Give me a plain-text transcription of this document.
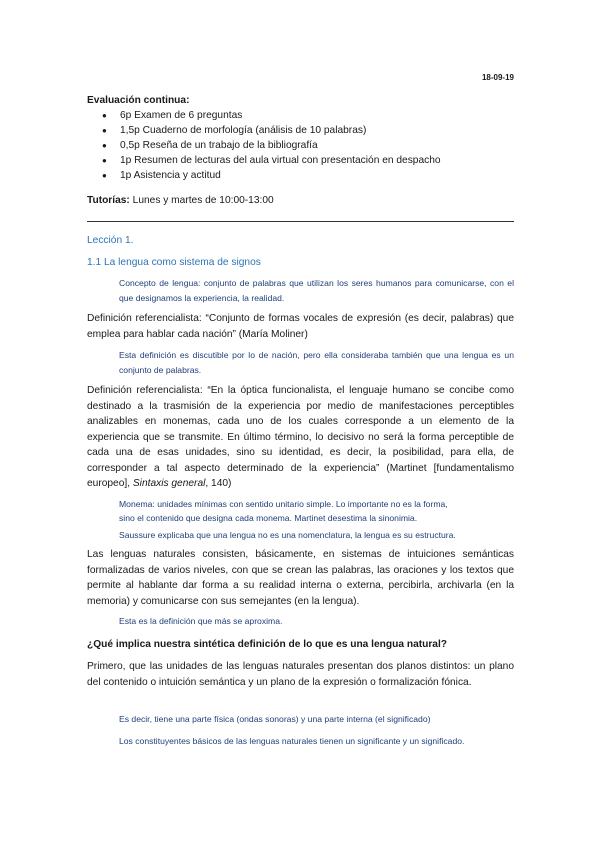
18-09-19

Evaluación continua:

● 6p Examen de 6 preguntas
● 1,5p Cuaderno de morfología (análisis de 10 palabras)
● 0,5p Reseña de un trabajo de la bibliografía
● 1p Resumen de lecturas del aula virtual con presentación en despacho
● 1p Asistencia y actitud

Tutorías: Lunes y martes de 10:00-13:00

Lección 1.

1.1 La lengua como sistema de signos

Concepto de lengua: conjunto de palabras que utilizan los seres humanos para comunicarse, con el que designamos la experiencia, la realidad.

Definición referencialista: “Conjunto de formas vocales de expresión (es decir, palabras) que emplea para hablar cada nación” (María Moliner)

Esta definición es discutible por lo de nación, pero ella consideraba también que una lengua es un conjunto de palabras.

Definición referencialista: “En la óptica funcionalista, el lenguaje humano se concibe como destinado a la trasmisión de la experiencia por medio de manifestaciones perceptibles analizables en monemas, cada uno de los cuales corresponde a un elemento de la experiencia que se transmite. En último término, lo decisivo no será la forma perceptible de cada una de esas unidades, sino su identidad, es decir, la posibilidad, para ella, de corresponder a tal aspecto determinado de la experiencia” (Martinet [fundamentalismo europeo], Sintaxis general, 140)

Monema: unidades mínimas con sentido unitario simple. Lo importante no es la forma,

sino el contenido que designa cada monema. Martinet desestima la sinonimia.

Saussure explicaba que una lengua no es una nomenclatura, la lengua es su estructura.

Las lenguas naturales consisten, básicamente, en sistemas de intuiciones semánticas formalizadas de varios niveles, con que se crean las palabras, las oraciones y los textos que permite al hablante dar forma a su realidad interna o externa, percibirla, archivarla (en la memoria) y comunicarse con sus semejantes (en la lengua).

Esta es la definición que más se aproxima.

¿Qué implica nuestra sintética definición de lo que es una lengua natural?

Primero, que las unidades de las lenguas naturales presentan dos planos distintos: un plano del contenido o intuición semántica y un plano de la expresión o formalización fónica.

Es decir, tiene una parte física (ondas sonoras) y una parte interna (el significado)

Los constituyentes básicos de las lenguas naturales tienen un significante y un significado.
